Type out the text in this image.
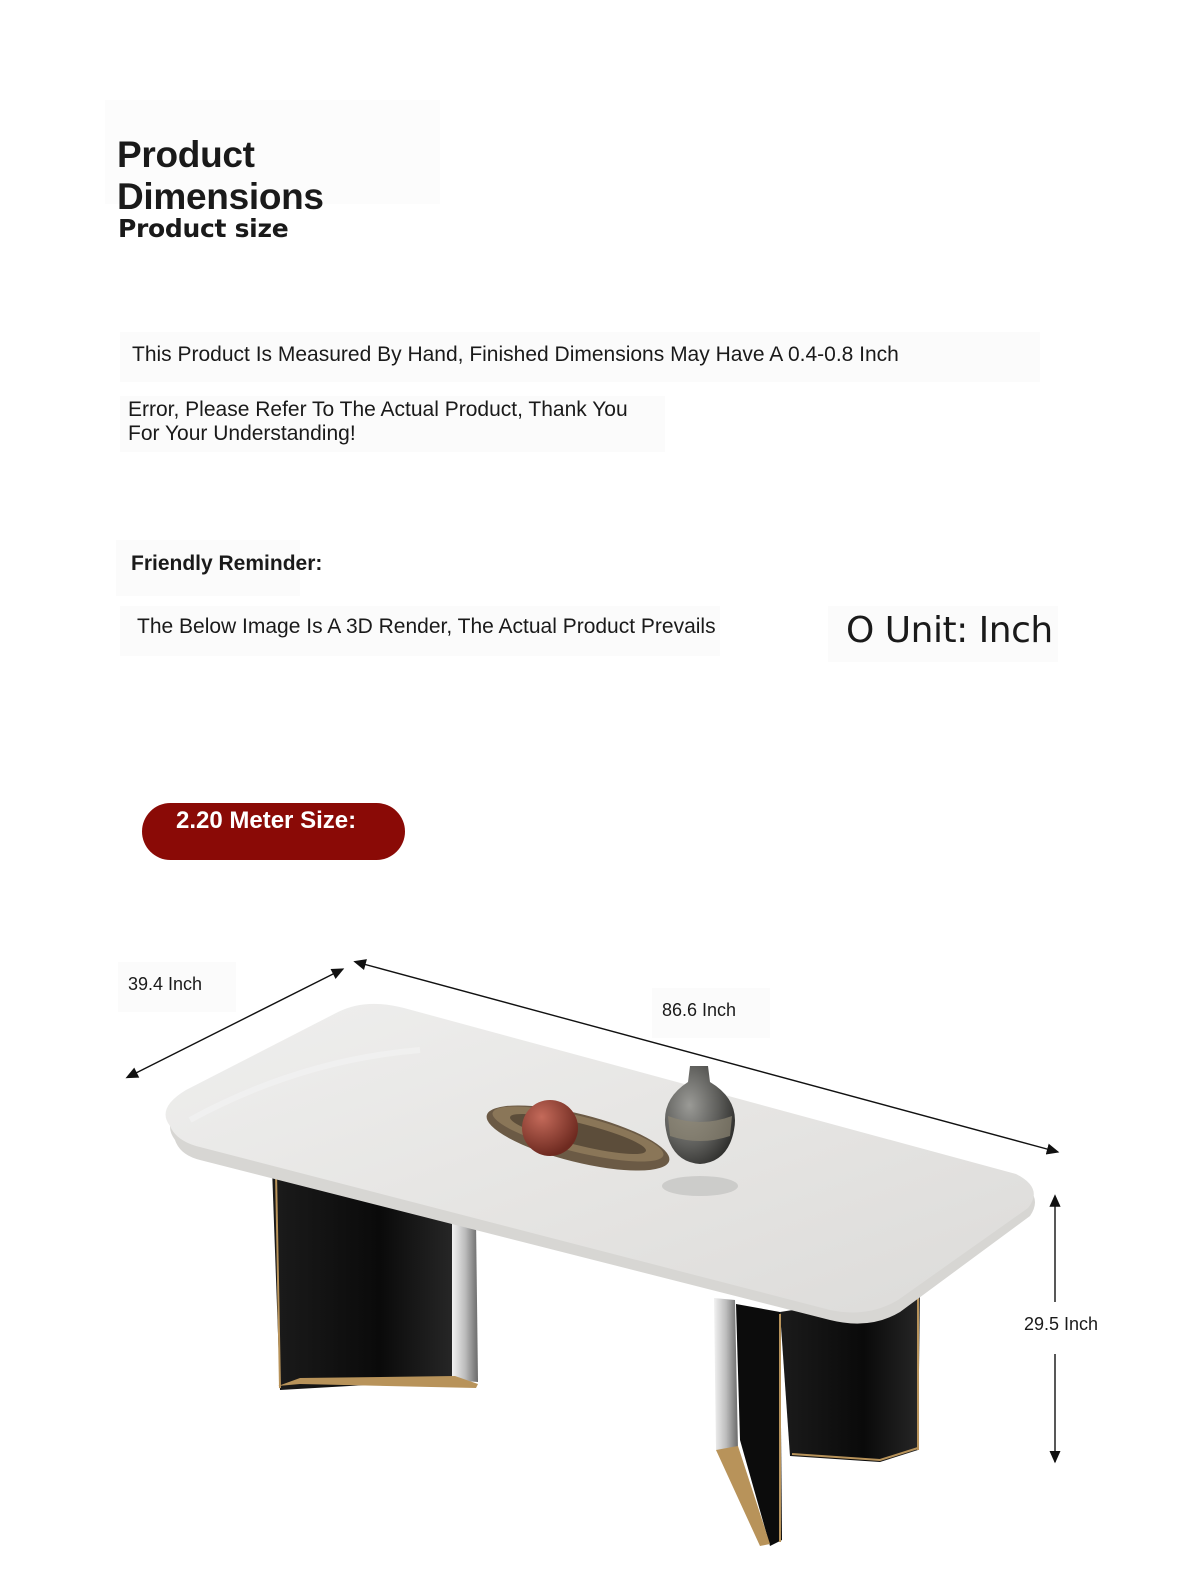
Product Dimensions
Product size
This Product Is Measured By Hand, Finished Dimensions May Have A 0.4-0.8 Inch
Error, Please Refer To The Actual Product, Thank You For Your Understanding!
Friendly Reminder:
The Below Image Is A 3D Render, The Actual Product Prevails	O Unit: Inch
2.20 Meter Size:
39.4 Inch
86.6 Inch
29.5 Inch
